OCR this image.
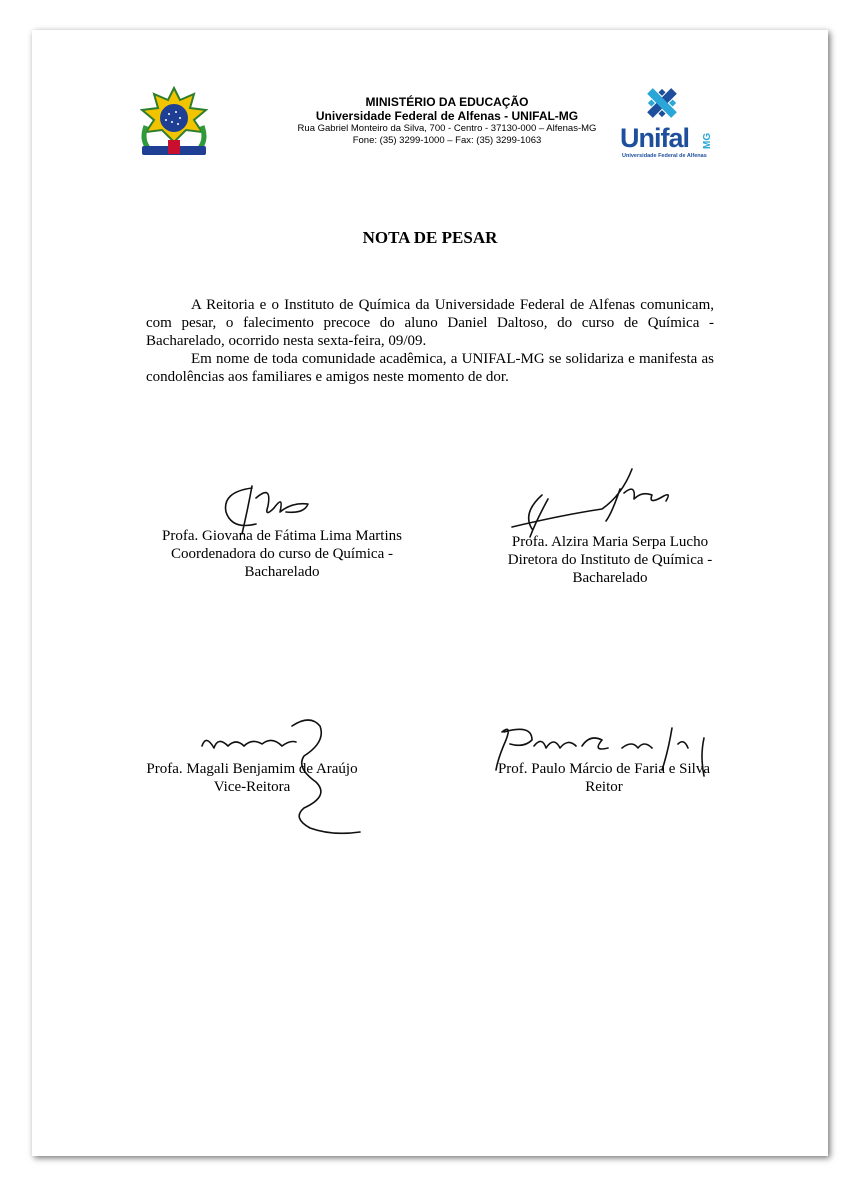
MINISTÉRIO DA EDUCAÇÃO
Universidade Federal de Alfenas - UNIFAL-MG
Rua Gabriel Monteiro da Silva, 700 - Centro - 37130-000 – Alfenas-MG
Fone: (35) 3299-1000 – Fax: (35) 3299-1063	Unifal MG
Universidade Federal de Alfenas
NOTA DE PESAR

A Reitoria e o Instituto de Química da Universidade Federal de Alfenas comunicam, com pesar, o falecimento precoce do aluno Daniel Daltoso, do curso de Química - Bacharelado, ocorrido nesta sexta-feira, 09/09.

Em nome de toda comunidade acadêmica, a UNIFAL-MG se solidariza e manifesta as condolências aos familiares e amigos neste momento de dor.

Profa. Giovana de Fátima Lima Martins
Coordenadora do curso de Química -
Bacharelado
Profa. Alzira Maria Serpa Lucho
Diretora do Instituto de Química -
Bacharelado
Profa. Magali Benjamim de Araújo
Vice-Reitora
Prof. Paulo Márcio de Faria e Silva
Reitor
